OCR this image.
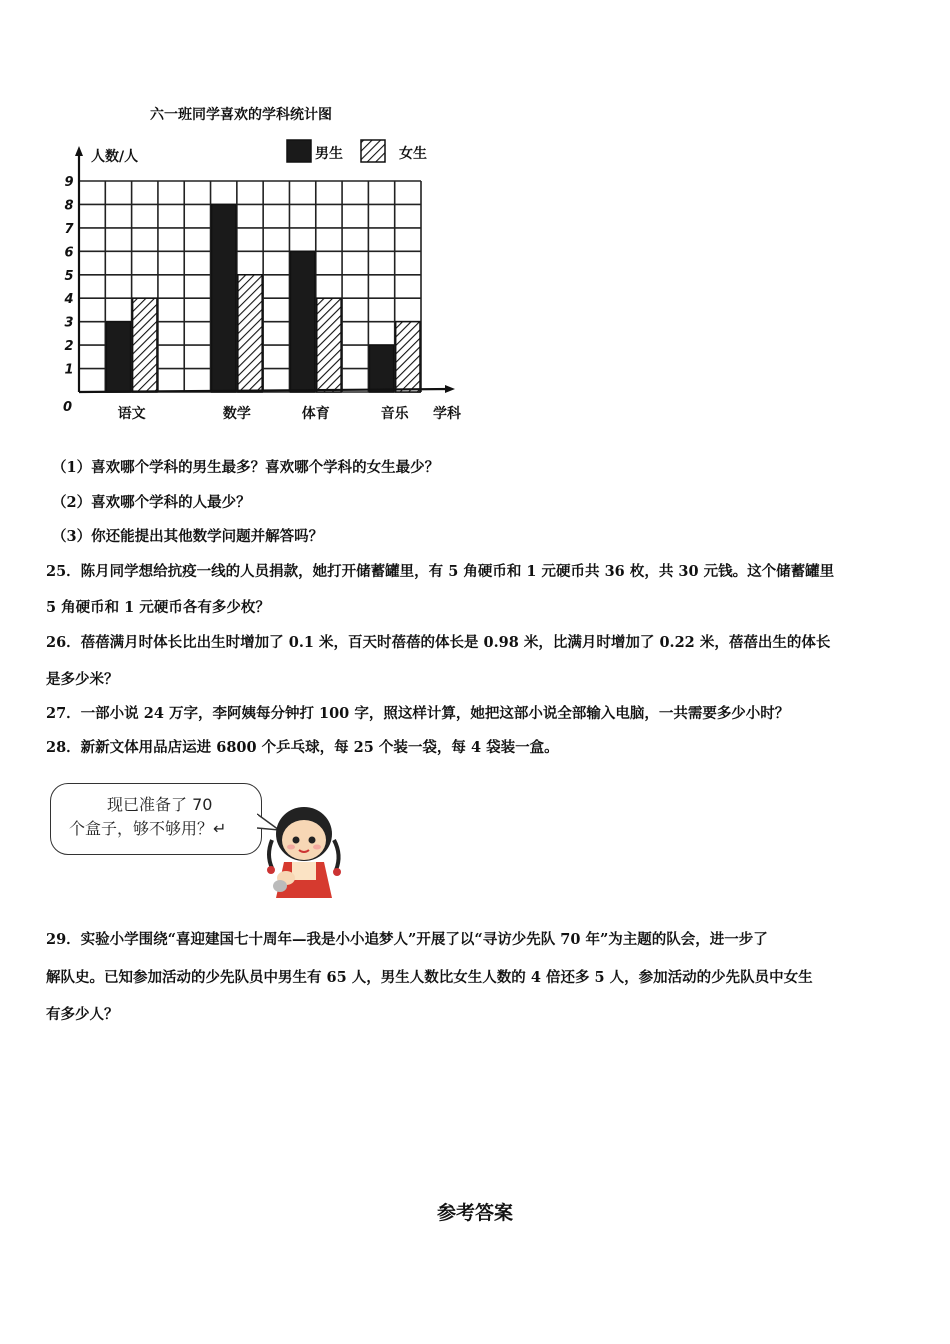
六一班同学喜欢的学科统计图
人数/人
学科
0
男生	女生
语文	数学	体育	音乐
1
2
3
4
5
6
7
8
9
（1）喜欢哪个学科的男生最多？喜欢哪个学科的女生最少？
（2）喜欢哪个学科的人最少？
（3）你还能提出其他数学问题并解答吗？
25．陈月同学想给抗疫一线的人员捐款，她打开储蓄罐里，有 5 角硬币和 1 元硬币共 36 枚，共 30 元钱。这个储蓄罐里
5 角硬币和 1 元硬币各有多少枚？
26．蓓蓓满月时体长比出生时增加了 0.1 米，百天时蓓蓓的体长是 0.98 米，比满月时增加了 0.22 米，蓓蓓出生的体长
是多少米？
27．一部小说 24 万字，李阿姨每分钟打 100 字，照这样计算，她把这部小说全部输入电脑，一共需要多少小时？
28．新新文体用品店运进 6800 个乒乓球，每 25 个装一袋，每 4 袋装一盒。
现已准备了 70
个盒子，够不够用？↵
29．实验小学围绕“喜迎建国七十周年—我是小小追梦人”开展了以“寻访少先队 70 年”为主题的队会，进一步了
解队史。已知参加活动的少先队员中男生有 65 人，男生人数比女生人数的 4 倍还多 5 人，参加活动的少先队员中女生
有多少人？
参考答案
